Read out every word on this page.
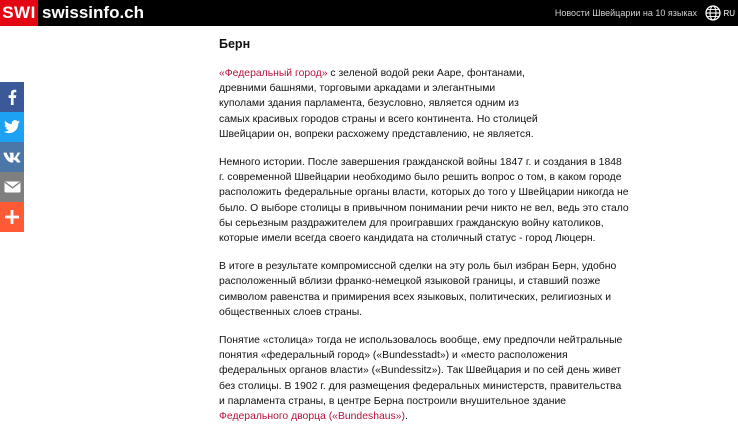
SWI swissinfo.ch	Новости Швейцарии на 10 языках	RU
Берн
«Федеральный город» с зеленой водой реки Ааре, фонтанами,
древними башнями, торговыми аркадами и элегантными
куполами здания парламента, безусловно, является одним из
самых красивых городов страны и всего континента. Но столицей
Швейцарии он, вопреки расхожему представлению, не является.
Немного истории. После завершения гражданской войны 1847 г. и создания в 1848 г. современной Швейцарии необходимо было решить вопрос о том, в каком городе расположить федеральные органы власти, которых до того у Швейцарии никогда не было. О выборе столицы в привычном понимании речи никто не вел, ведь это стало бы серьезным раздражителем для проигравших гражданскую войну католиков, которые имели всегда своего кандидата на столичный статус - город Люцерн.
В итоге в результате компромиссной сделки на эту роль был избран Берн, удобно расположенный вблизи франко-немецкой языковой границы, и ставший позже символом равенства и примирения всех языковых, политических, религиозных и общественных слоев страны.
Понятие «столица» тогда не использовалось вообще, ему предпочли нейтральные понятия «федеральный город» («Bundesstadt») и «место расположения федеральных органов власти» («Bundessitz»). Так Швейцария и по сей день живет без столицы. В 1902 г. для размещения федеральных министерств, правительства и парламента страны, в центре Берна построили внушительное здание Федерального дворца («Bundeshaus»).
